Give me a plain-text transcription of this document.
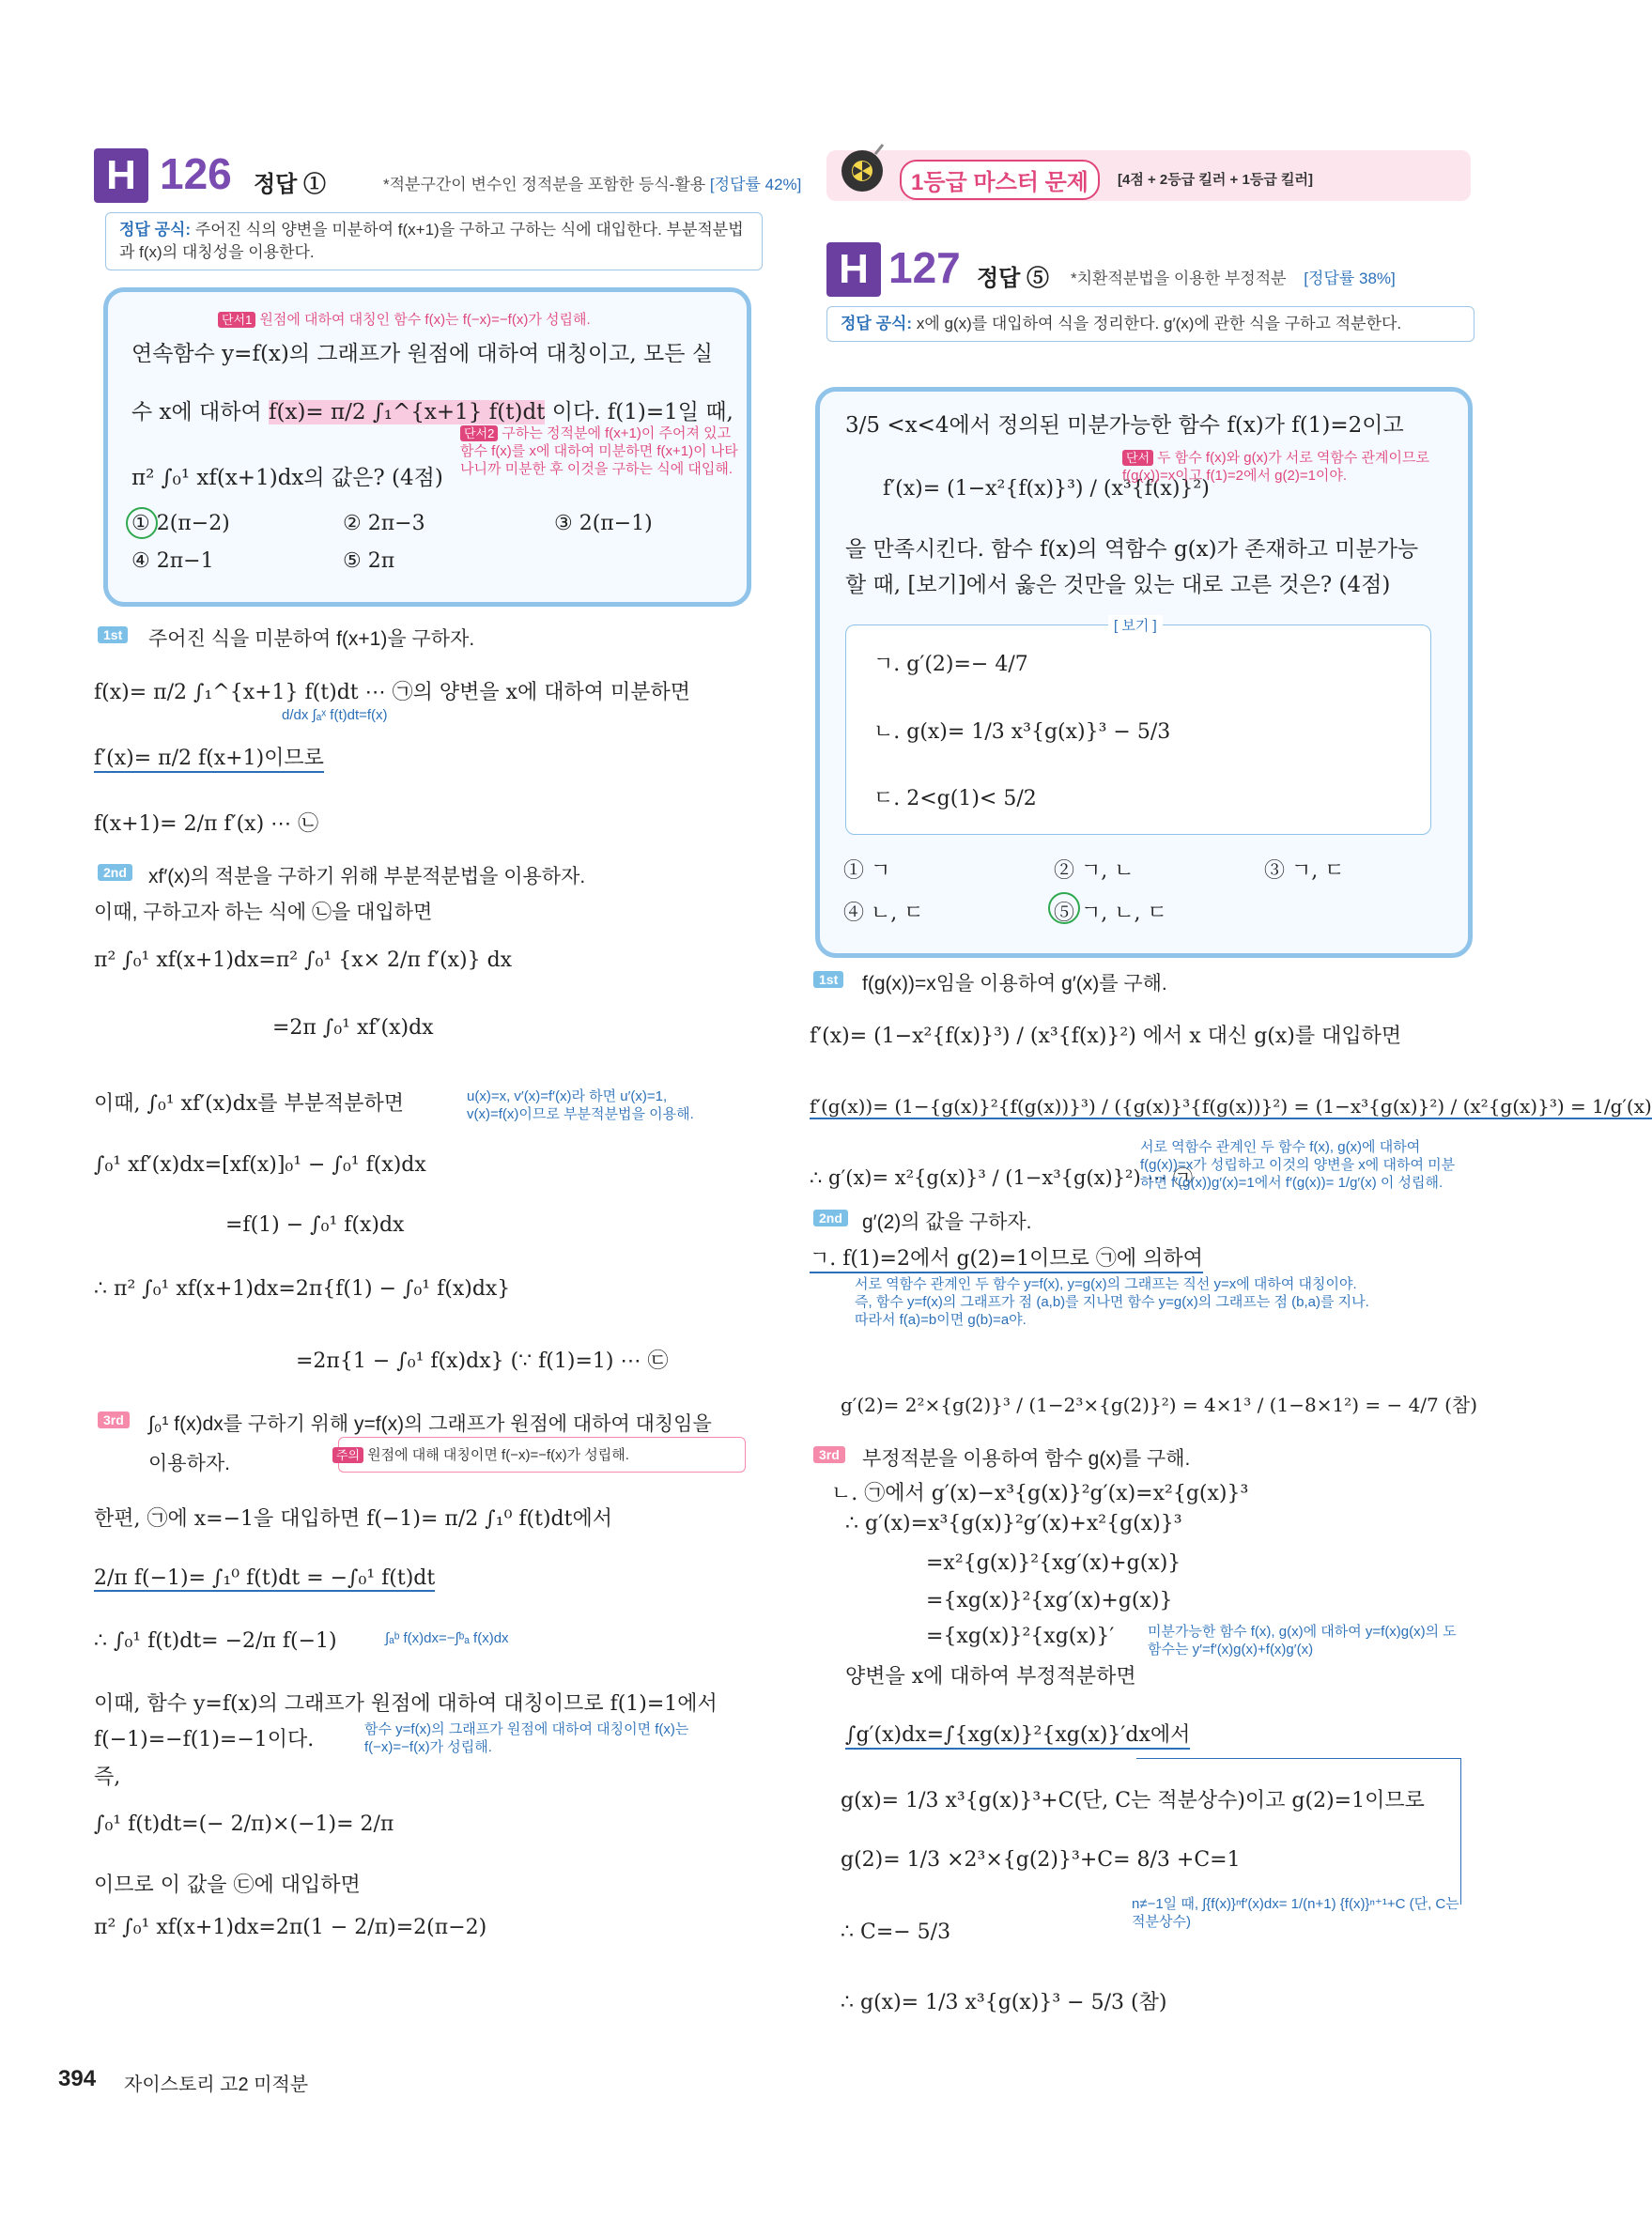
H 126 정답 ①	*적분구간이 변수인 정적분을 포함한 등식-활용 [정답률 42%]
정답 공식: 주어진 식의 양변을 미분하여 f(x+1)을 구하고 구하는 식에 대입한다. 부분적분법과 f(x)의 대칭성을 이용한다.
단서1 원점에 대하여 대칭인 함수 f(x)는 f(−x)=−f(x)가 성립해.
연속함수 y=f(x)의 그래프가 원점에 대하여 대칭이고, 모든 실
수 x에 대하여 f(x)= π/2 ∫₁^{x+1} f(t)dt 이다. f(1)=1일 때,
단서2 구하는 정적분에 f(x+1)이 주어져 있고 함수 f(x)를 x에 대하여 미분하면 f(x+1)이 나타나니까 미분한 후 이것을 구하는 식에 대입해.
π² ∫₀¹ xf(x+1)dx의 값은? (4점)
① 2(π−2)	② 2π−3	③ 2(π−1)
④ 2π−1	⑤ 2π
1st 주어진 식을 미분하여 f(x+1)을 구하자.
f(x)= π/2 ∫₁^{x+1} f(t)dt ⋯ ㉠의 양변을 x에 대하여 미분하면
d/dx ∫ₐˣ f(t)dt=f(x)
f′(x)= π/2 f(x+1)이므로
f(x+1)= 2/π f′(x) ⋯ ㉡
2nd xf′(x)의 적분을 구하기 위해 부분적분법을 이용하자.
이때, 구하고자 하는 식에 ㉡을 대입하면
π² ∫₀¹ xf(x+1)dx=π² ∫₀¹ {x× 2/π f′(x)} dx
=2π ∫₀¹ xf′(x)dx
이때, ∫₀¹ xf′(x)dx를 부분적분하면	u(x)=x, v′(x)=f′(x)라 하면 u′(x)=1, v(x)=f(x)이므로 부분적분법을 이용해.
∫₀¹ xf′(x)dx=[xf(x)]₀¹ − ∫₀¹ f(x)dx
=f(1) − ∫₀¹ f(x)dx
∴ π² ∫₀¹ xf(x+1)dx=2π{f(1) − ∫₀¹ f(x)dx}
=2π{1 − ∫₀¹ f(x)dx} (∵ f(1)=1) ⋯ ㉢
3rd ∫₀¹ f(x)dx를 구하기 위해 y=f(x)의 그래프가 원점에 대하여 대칭임을
이용하자.	주의 원점에 대해 대칭이면 f(−x)=−f(x)가 성립해.
한편, ㉠에 x=−1을 대입하면 f(−1)= π/2 ∫₁⁰ f(t)dt에서
2/π f(−1)= ∫₁⁰ f(t)dt = −∫₀¹ f(t)dt
∴ ∫₀¹ f(t)dt= −2/π f(−1)	∫ₐᵇ f(x)dx=−∫ᵇₐ f(x)dx
이때, 함수 y=f(x)의 그래프가 원점에 대하여 대칭이므로 f(1)=1에서
f(−1)=−f(1)=−1이다.	함수 y=f(x)의 그래프가 원점에 대하여 대칭이면 f(x)는 f(−x)=−f(x)가 성립해.
즉,
∫₀¹ f(t)dt=(− 2/π)×(−1)= 2/π
이므로 이 값을 ㉢에 대입하면
π² ∫₀¹ xf(x+1)dx=2π(1 − 2/π)=2(π−2)
1등급 마스터 문제	[4점 + 2등급 킬러 + 1등급 킬러]
H 127 정답 ⑤ *치환적분법을 이용한 부정적분 [정답률 38%]
정답 공식: x에 g(x)를 대입하여 식을 정리한다. g′(x)에 관한 식을 구하고 적분한다.
3/5 <x<4에서 정의된 미분가능한 함수 f(x)가 f(1)=2이고
f′(x)= (1−x²{f(x)}³) / (x³{f(x)}²)
단서 두 함수 f(x)와 g(x)가 서로 역함수 관계이므로 f(g(x))=x이고 f(1)=2에서 g(2)=1이야.
을 만족시킨다. 함수 f(x)의 역함수 g(x)가 존재하고 미분가능
할 때, [보기]에서 옳은 것만을 있는 대로 고른 것은? (4점)
[ 보기 ]
ㄱ. g′(2)=− 4/7
ㄴ. g(x)= 1/3 x³{g(x)}³ − 5/3
ㄷ. 2<g(1)< 5/2
① ㄱ	② ㄱ, ㄴ	③ ㄱ, ㄷ
④ ㄴ, ㄷ	⑤ ㄱ, ㄴ, ㄷ
1st f(g(x))=x임을 이용하여 g′(x)를 구해.
f′(x)= (1−x²{f(x)}³) / (x³{f(x)}²) 에서 x 대신 g(x)를 대입하면
f′(g(x))= (1−{g(x)}²{f(g(x))}³) / ({g(x)}³{f(g(x))}²) = (1−x³{g(x)}²) / (x²{g(x)}³) = 1/g′(x)
∴ g′(x)= x²{g(x)}³ / (1−x³{g(x)}²) ⋯ ㉠
서로 역함수 관계인 두 함수 f(x), g(x)에 대하여 f(g(x))=x가 성립하고 이것의 양변을 x에 대하여 미분하면 f′(g(x))g′(x)=1에서 f′(g(x))= 1/g′(x) 이 성립해.
2nd g′(2)의 값을 구하자.
ㄱ. f(1)=2에서 g(2)=1이므로 ㉠에 의하여
서로 역함수 관계인 두 함수 y=f(x), y=g(x)의 그래프는 직선 y=x에 대하여 대칭이야. 즉, 함수 y=f(x)의 그래프가 점 (a,b)를 지나면 함수 y=g(x)의 그래프는 점 (b,a)를 지나. 따라서 f(a)=b이면 g(b)=a야.
g′(2)= 2²×{g(2)}³ / (1−2³×{g(2)}²) = 4×1³ / (1−8×1²) = − 4/7 (참)
3rd 부정적분을 이용하여 함수 g(x)를 구해.
ㄴ. ㉠에서 g′(x)−x³{g(x)}²g′(x)=x²{g(x)}³
∴ g′(x)=x³{g(x)}²g′(x)+x²{g(x)}³
=x²{g(x)}²{xg′(x)+g(x)}
={xg(x)}²{xg′(x)+g(x)}
={xg(x)}²{xg(x)}′ 미분가능한 함수 f(x), g(x)에 대하여 y=f(x)g(x)의 도함수는 y′=f′(x)g(x)+f(x)g′(x)
양변을 x에 대하여 부정적분하면
∫g′(x)dx=∫{xg(x)}²{xg(x)}′dx에서
g(x)= 1/3 x³{g(x)}³+C(단, C는 적분상수)이고 g(2)=1이므로
g(2)= 1/3 ×2³×{g(2)}³+C= 8/3 +C=1
∴ C=− 5/3
n≠−1일 때, ∫{f(x)}ⁿf′(x)dx= 1/(n+1) {f(x)}ⁿ⁺¹+C (단, C는 적분상수)
∴ g(x)= 1/3 x³{g(x)}³ − 5/3 (참)
394 자이스토리 고2 미적분
